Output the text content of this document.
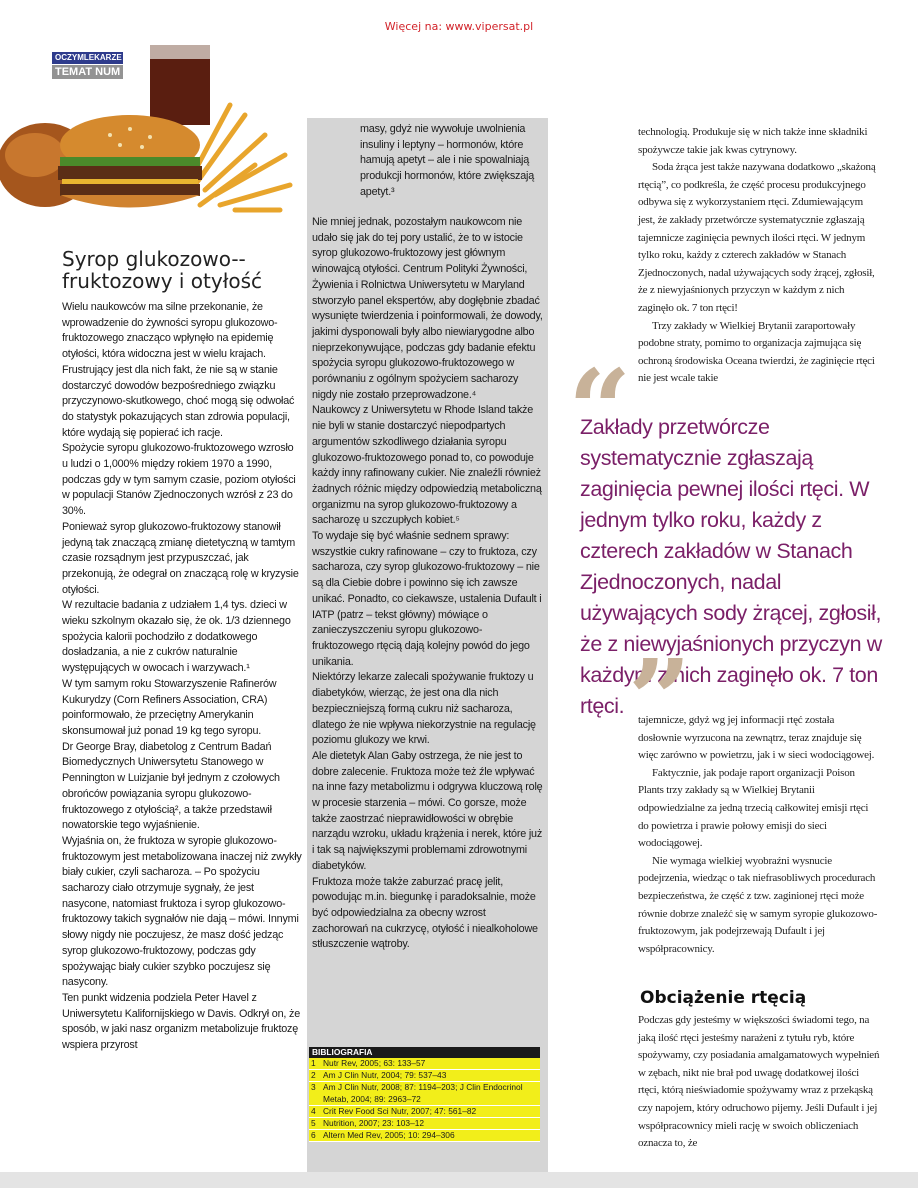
Więcej na: www.vipersat.pl
OCZYMLEKARZE
TEMAT NUM
Syrop glukozowo--fruktozowy i otyłość

Wielu naukowców ma silne przekonanie, że wprowadzenie do żywności syropu glukozowo-fruktozowego znacząco wpłynęło na epidemię otyłości, która widoczna jest w wielu krajach.

Frustrujący jest dla nich fakt, że nie są w stanie dostarczyć dowodów bezpośredniego związku przyczynowo-skutkowego, choć mogą się odwołać do statystyk pokazujących stan zdrowia populacji, które wydają się popierać ich racje.

Spożycie syropu glukozowo-fruktozowego wzrosło u ludzi o 1,000% między rokiem 1970 a 1990, podczas gdy w tym samym czasie, poziom otyłości w populacji Stanów Zjednoczonych wzrósł z 23 do 30%.

Ponieważ syrop glukozowo-fruktozowy stanowił jedyną tak znaczącą zmianę dietetyczną w tamtym czasie rozsądnym jest przypuszczać, jak przekonują, że odegrał on znaczącą rolę w kryzysie otyłości.

W rezultacie badania z udziałem 1,4 tys. dzieci w wieku szkolnym okazało się, że ok. 1/3 dziennego spożycia kalorii pochodziło z dodatkowego dosładzania, a nie z cukrów naturalnie występujących w owocach i warzywach.¹

W tym samym roku Stowarzyszenie Rafinerów Kukurydzy (Corn Refiners Association, CRA) poinformowało, że przeciętny Amerykanin skonsumował już ponad 19 kg tego syropu.

Dr George Bray, diabetolog z Centrum Badań Biomedycznych Uniwersytetu Stanowego w Pennington w Luizjanie był jednym z czołowych obrońców powiązania syropu glukozowo-fruktozowego z otyłością², a także przedstawił nowatorskie tego wyjaśnienie.

Wyjaśnia on, że fruktoza w syropie glukozowo-fruktozowym jest metabolizowana inaczej niż zwykły biały cukier, czyli sacharoza. – Po spożyciu sacharozy ciało otrzymuje sygnały, że jest nasycone, natomiast fruktoza i syrop glukozowo-fruktozowy takich sygnałów nie dają – mówi. Innymi słowy nigdy nie poczujesz, że masz dość jedząc syrop glukozowo-fruktozowy, podczas gdy spożywając biały cukier szybko poczujesz się nasycony.

Ten punkt widzenia podziela Peter Havel z Uniwersytetu Kalifornijskiego w Davis. Odkrył on, że sposób, w jaki nasz organizm metabolizuje fruktozę wspiera przyrost

masy, gdyż nie wywołuje uwolnienia insuliny i leptyny – hormonów, które hamują apetyt – ale i nie spowalniają produkcji hormonów, które zwiększają apetyt.³

Nie mniej jednak, pozostałym naukowcom nie udało się jak do tej pory ustalić, że to w istocie syrop glukozowo-fruktozowy jest głównym winowajcą otyłości. Centrum Polityki Żywności, Żywienia i Rolnictwa Uniwersytetu w Maryland stworzyło panel ekspertów, aby dogłębnie zbadać wysunięte twierdzenia i poinformowali, że dowody, jakimi dysponowali były albo niewiarygodne albo nieprzekonywujące, podczas gdy badanie efektu spożycia syropu glukozowo-fruktozowego w porównaniu z ogólnym spożyciem sacharozy nigdy nie zostało przeprowadzone.⁴

Naukowcy z Uniwersytetu w Rhode Island także nie byli w stanie dostarczyć niepodpartych argumentów szkodliwego działania syropu glukozowo-fruktozowego ponad to, co powoduje każdy inny rafinowany cukier. Nie znaleźli również żadnych różnic między odpowiedzią metaboliczną organizmu na syrop glukozowo-fruktozowy a sacharozę u szczupłych kobiet.⁵

To wydaje się być właśnie sednem sprawy: wszystkie cukry rafinowane – czy to fruktoza, czy sacharoza, czy syrop glukozowo-fruktozowy – nie są dla Ciebie dobre i powinno się ich zawsze unikać. Ponadto, co ciekawsze, ustalenia Dufault i IATP (patrz – tekst główny) mówiące o zanieczyszczeniu syropu glukozowo-fruktozowego rtęcią dają kolejny powód do jego unikania.

Niektórzy lekarze zalecali spożywanie fruktozy u diabetyków, wierząc, że jest ona dla nich bezpieczniejszą formą cukru niż sacharoza, dlatego że nie wpływa niekorzystnie na regulację poziomu glukozy we krwi.

Ale dietetyk Alan Gaby ostrzega, że nie jest to dobre zalecenie. Fruktoza może też źle wpływać na inne fazy metabolizmu i odgrywa kluczową rolę w procesie starzenia – mówi. Co gorsze, może także zaostrzać nieprawidłowości w obrębie narządu wzroku, układu krążenia i nerek, które już i tak są największymi problemami zdrowotnymi diabetyków.

Fruktoza może także zaburzać pracę jelit, powodując m.in. biegunkę i paradoksalnie, może być odpowiedzialna za obecny wzrost zachorowań na cukrzycę, otyłość i niealkoholowe stłuszczenie wątroby.

BIBLIOGRAFIA
1 Nutr Rev, 2005; 63: 133–57
2 Am J Clin Nutr, 2004; 79: 537–43
3 Am J Clin Nutr, 2008; 87: 1194–203; J Clin Endocrinol Metab, 2004; 89: 2963–72
4 Crit Rev Food Sci Nutr, 2007; 47: 561–82
5 Nutrition, 2007; 23: 103–12
6 Altern Med Rev, 2005; 10: 294–306

technologią. Produkuje się w nich także inne składniki spożywcze takie jak kwas cytrynowy.

Soda żrąca jest także nazywana dodatkowo „skażoną rtęcią”, co podkreśla, że część procesu produkcyjnego odbywa się z wykorzystaniem rtęci. Zdumiewającym jest, że zakłady przetwórcze systematycznie zgłaszają tajemnicze zaginięcia pewnych ilości rtęci. W jednym tylko roku, każdy z czterech zakładów w Stanach Zjednoczonych, nadal używających sody żrącej, zgłosił, że z niewyjaśnionych przyczyn w każdym z nich zaginęło ok. 7 ton rtęci!

Trzy zakłady w Wielkiej Brytanii zaraportowały podobne straty, pomimo to organizacja zajmująca się ochroną środowiska Oceana twierdzi, że zaginięcie rtęci nie jest wcale takie

“
Zakłady przetwórcze systematycznie zgłaszają zaginięcia pewnej ilości rtęci. W jednym tylko roku, każdy z czterech zakładów w Stanach Zjednoczonych, nadal używających sody żrącej, zgłosił, że z niewyjaśnionych przyczyn w każdym z nich zaginęło ok. 7 ton rtęci. ”

tajemnicze, gdyż wg jej informacji rtęć została dosłownie wyrzucona na zewnątrz, teraz znajduje się więc zarówno w powietrzu, jak i w sieci wodociągowej.

Faktycznie, jak podaje raport organizacji Poison Plants trzy zakłady są w Wielkiej Brytanii odpowiedzialne za jedną trzecią całkowitej emisji rtęci do powietrza i prawie połowy emisji do sieci wodociągowej.

Nie wymaga wielkiej wyobraźni wysnucie podejrzenia, wiedząc o tak niefrasobliwych procedurach bezpieczeństwa, że część z tzw. zaginionej rtęci może równie dobrze znaleźć się w samym syropie glukozowo-fruktozowym, jak podejrzewają Dufault i jej współpracownicy.

Obciążenie rtęcią

Podczas gdy jesteśmy w większości świadomi tego, na jaką ilość rtęci jesteśmy narażeni z tytułu ryb, które spożywamy, czy posiadania amalgamatowych wypełnień w zębach, nikt nie brał pod uwagę dodatkowej ilości rtęci, którą nieświadomie spożywamy wraz z przekąską czy napojem, który odruchowo pijemy. Jeśli Dufault i jej współpracownicy mieli rację w swoich obliczeniach oznacza to, że
